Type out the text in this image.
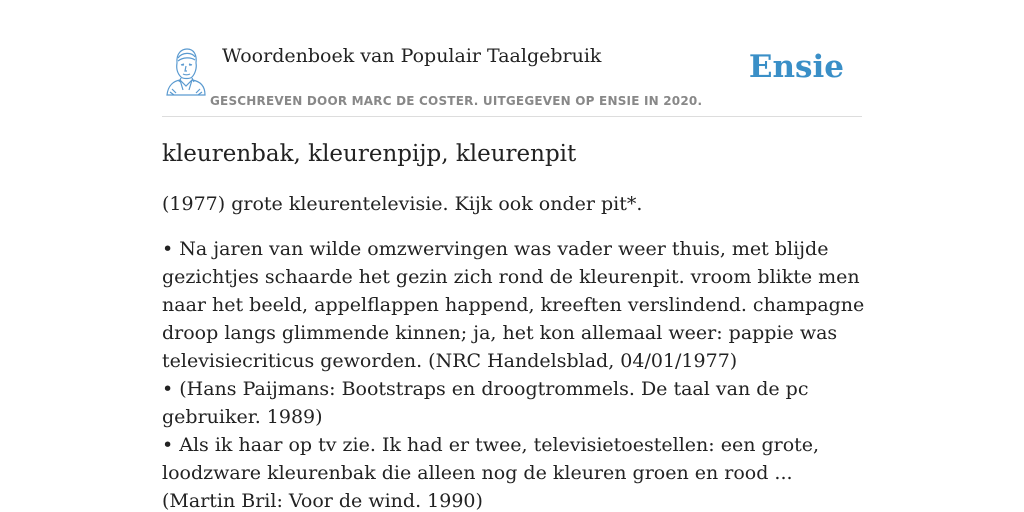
Woordenboek van Populair Taalgebruik
GESCHREVEN DOOR MARC DE COSTER. UITGEGEVEN OP ENSIE IN 2020.
Ensie
kleurenbak, kleurenpijp, kleurenpit

(1977) grote kleurentelevisie. Kijk ook onder pit*.

• Na jaren van wilde omzwervingen was vader weer thuis, met blijde gezichtjes schaarde het gezin zich rond de kleurenpit. vroom blikte men naar het beeld, appelflappen happend, kreeften verslindend. champagne droop langs glimmende kinnen; ja, het kon allemaal weer: pappie was televisiecriticus geworden. (NRC Handelsblad, 04/01/1977)
• (Hans Paijmans: Bootstraps en droogtrommels. De taal van de pc gebruiker. 1989)
• Als ik haar op tv zie. Ik had er twee, televisietoestellen: een grote, loodzware kleurenbak die alleen nog de kleuren groen en rood ... (Martin Bril: Voor de wind. 1990)
